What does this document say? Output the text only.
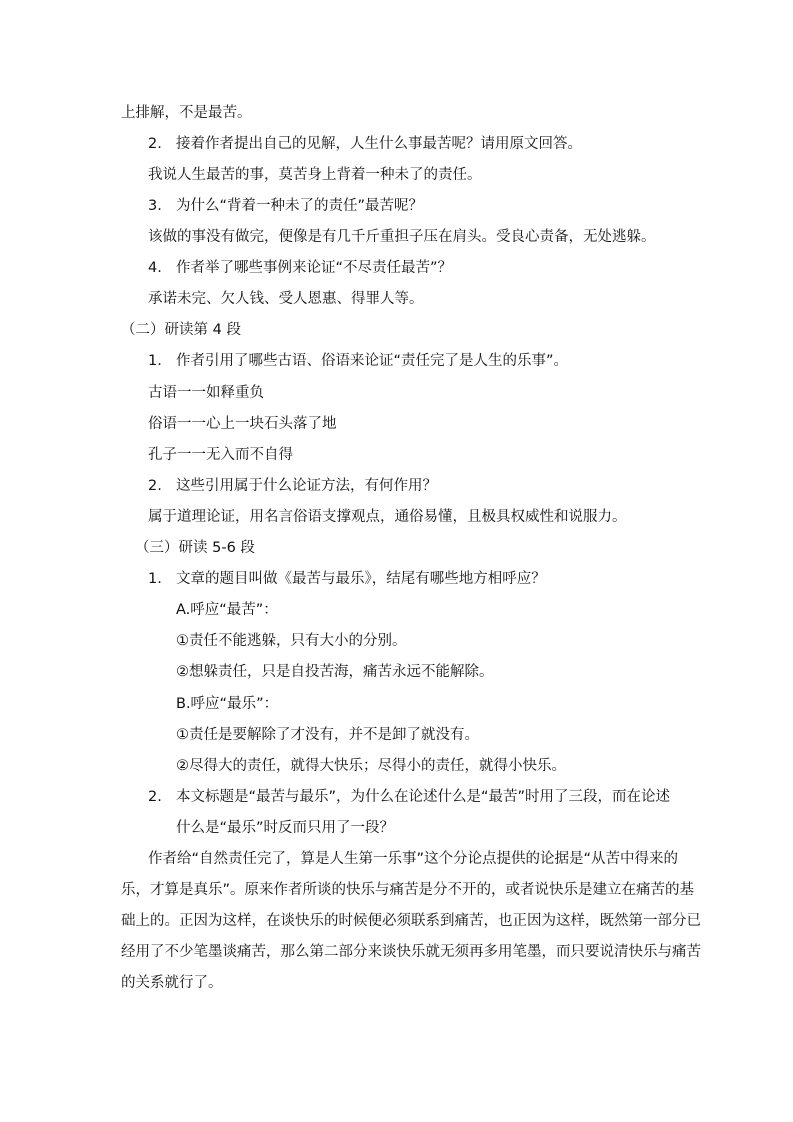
上排解，不是最苦。
2. 接着作者提出自己的见解，人生什么事最苦呢？请用原文回答。
我说人生最苦的事，莫苦身上背着一种未了的责任。
3. 为什么“背着一种未了的责任”最苦呢？
该做的事没有做完，便像是有几千斤重担子压在肩头。受良心责备，无处逃躲。
4. 作者举了哪些事例来论证“不尽责任最苦”？
承诺未完、欠人钱、受人恩惠、得罪人等。
（二）研读第 4 段
1. 作者引用了哪些古语、俗语来论证“责任完了是人生的乐事”。
古语一一如释重负
俗语一一心上一块石头落了地
孔子一一无入而不自得
2. 这些引用属于什么论证方法，有何作用？
属于道理论证，用名言俗语支撑观点，通俗易懂，且极具权威性和说服力。
（三）研读 5-6 段
1. 文章的题目叫做《最苦与最乐》，结尾有哪些地方相呼应？
A.呼应“最苦”：
①责任不能逃躲，只有大小的分别。
②想躲责任，只是自投苦海，痛苦永远不能解除。
B.呼应“最乐”：
①责任是要解除了才没有，并不是卸了就没有。
②尽得大的责任，就得大快乐；尽得小的责任，就得小快乐。
2. 本文标题是“最苦与最乐”，为什么在论述什么是“最苦”时用了三段，而在论述
什么是“最乐”时反而只用了一段？
作者给“自然责任完了，算是人生第一乐事”这个分论点提供的论据是“从苦中得来的
乐，才算是真乐”。原来作者所谈的快乐与痛苦是分不开的，或者说快乐是建立在痛苦的基
础上的。正因为这样，在谈快乐的时候便必须联系到痛苦，也正因为这样，既然第一部分已
经用了不少笔墨谈痛苦，那么第二部分来谈快乐就无须再多用笔墨，而只要说清快乐与痛苦
的关系就行了。
